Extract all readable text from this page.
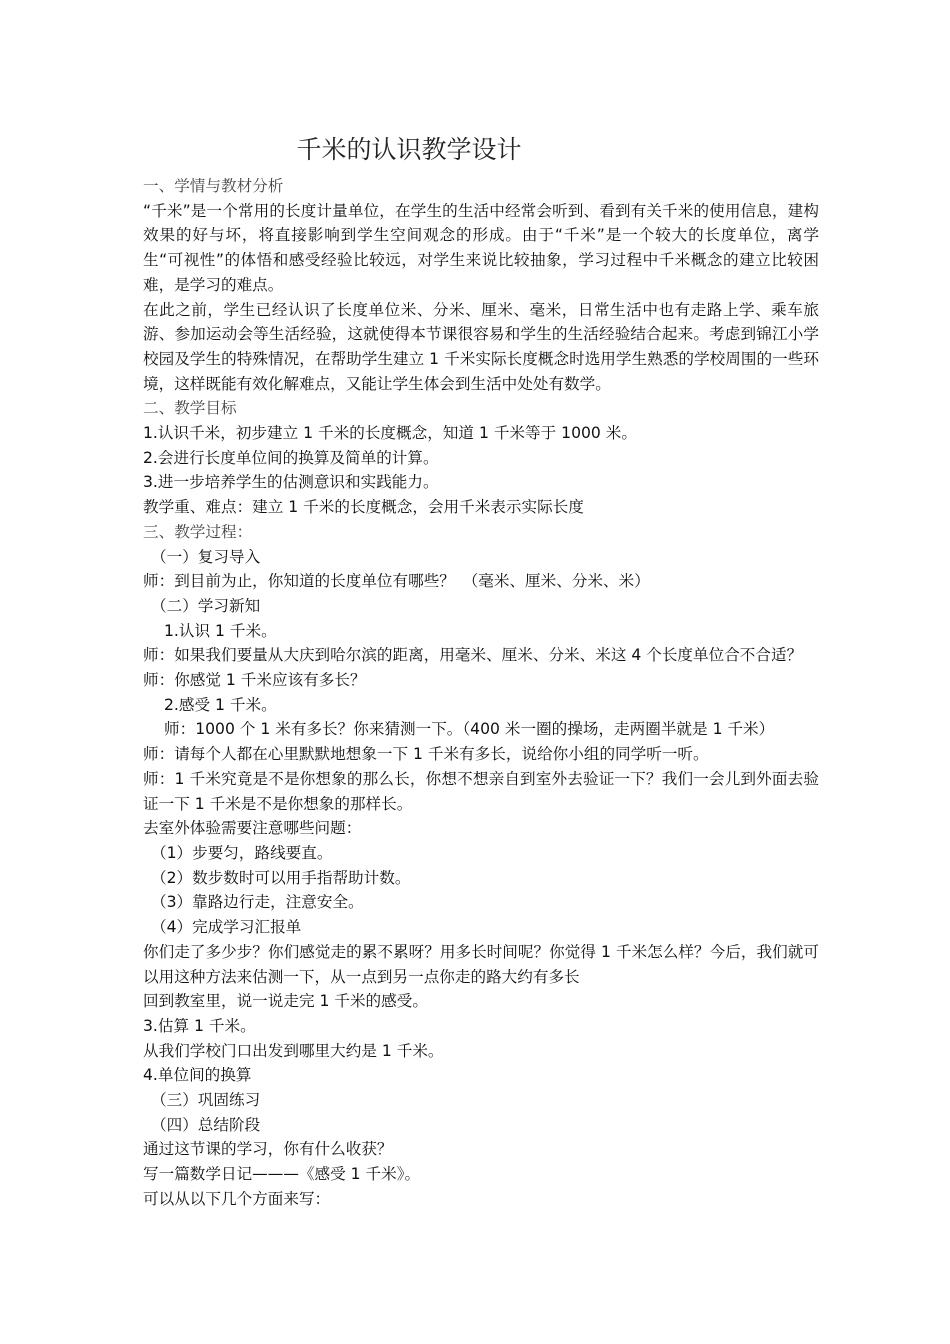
千米的认识教学设计

一、学情与教材分析

“千米”是一个常用的长度计量单位，在学生的生活中经常会听到、看到有关千米的使用信息，建构效果的好与坏，将直接影响到学生空间观念的形成。由于“千米”是一个较大的长度单位，离学生“可视性”的体悟和感受经验比较远，对学生来说比较抽象，学习过程中千米概念的建立比较困难，是学习的难点。

在此之前，学生已经认识了长度单位米、分米、厘米、毫米，日常生活中也有走路上学、乘车旅游、参加运动会等生活经验，这就使得本节课很容易和学生的生活经验结合起来。考虑到锦江小学校园及学生的特殊情况，在帮助学生建立 1 千米实际长度概念时选用学生熟悉的学校周围的一些环境，这样既能有效化解难点，又能让学生体会到生活中处处有数学。

二、教学目标

1.认识千米，初步建立 1 千米的长度概念，知道 1 千米等于 1000 米。

2.会进行长度单位间的换算及简单的计算。

3.进一步培养学生的估测意识和实践能力。

教学重、难点：建立 1 千米的长度概念，会用千米表示实际长度

三、教学过程：

（一）复习导入

师：到目前为止，你知道的长度单位有哪些？　（毫米、厘米、分米、米）

（二）学习新知

1.认识 1 千米。

师：如果我们要量从大庆到哈尔滨的距离，用毫米、厘米、分米、米这 4 个长度单位合不合适？

师：你感觉 1 千米应该有多长？

2.感受 1 千米。

师：1000 个 1 米有多长？你来猜测一下。（400 米一圈的操场，走两圈半就是 1 千米）

师：请每个人都在心里默默地想象一下 1 千米有多长，说给你小组的同学听一听。

师：1 千米究竟是不是你想象的那么长，你想不想亲自到室外去验证一下？我们一会儿到外面去验证一下 1 千米是不是你想象的那样长。

去室外体验需要注意哪些问题：

（1）步要匀，路线要直。

（2）数步数时可以用手指帮助计数。

（3）靠路边行走，注意安全。

（4）完成学习汇报单

你们走了多少步？你们感觉走的累不累呀？用多长时间呢？你觉得 1 千米怎么样？今后，我们就可以用这种方法来估测一下，从一点到另一点你走的路大约有多长

回到教室里，说一说走完 1 千米的感受。

3.估算 1 千米。

从我们学校门口出发到哪里大约是 1 千米。

4.单位间的换算

（三）巩固练习

（四）总结阶段

通过这节课的学习，你有什么收获？

写一篇数学日记———《感受 1 千米》。

可以从以下几个方面来写：
